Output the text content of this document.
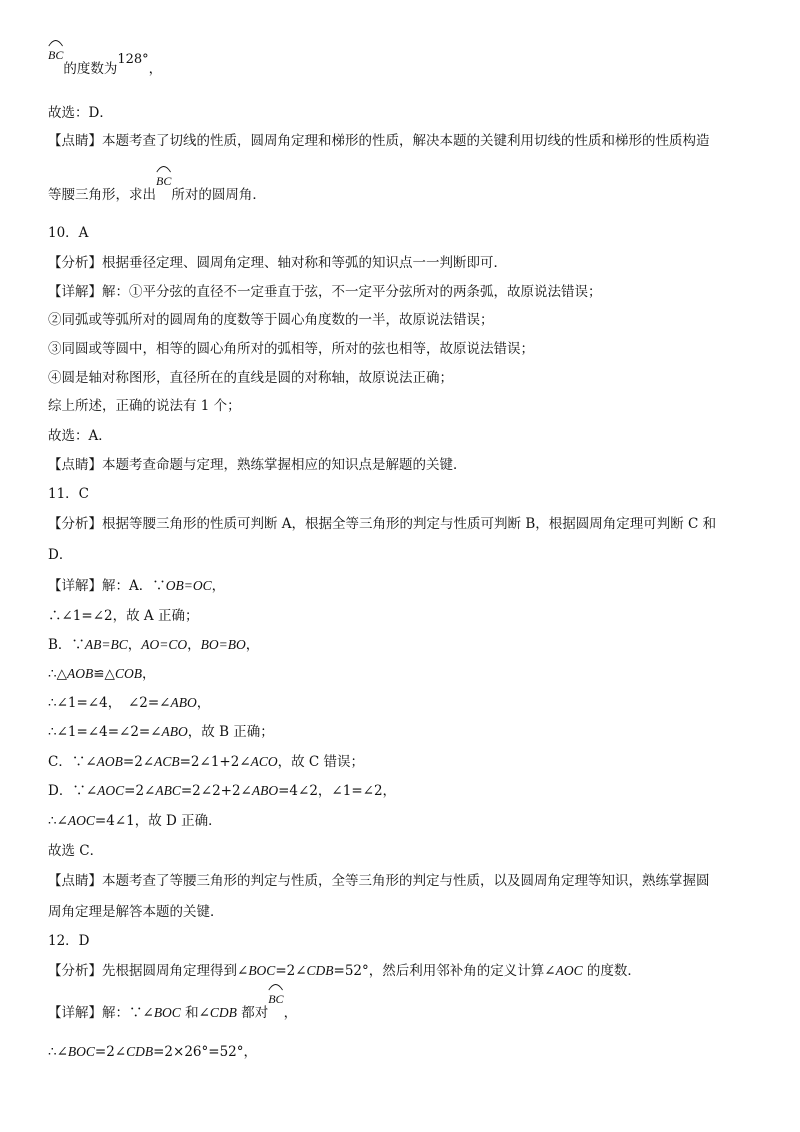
BC的度数为128°，
故选：D．
【点睛】本题考查了切线的性质，圆周角定理和梯形的性质，解决本题的关键利用切线的性质和梯形的性质构造
等腰三角形，求出
BC所对的圆周角．
10．A
【分析】根据垂径定理、圆周角定理、轴对称和等弧的知识点一一判断即可．
【详解】解：①平分弦的直径不一定垂直于弦，不一定平分弦所对的两条弧，故原说法错误；
②同弧或等弧所对的圆周角的度数等于圆心角度数的一半，故原说法错误；
③同圆或等圆中，相等的圆心角所对的弧相等，所对的弦也相等，故原说法错误；
④圆是轴对称图形，直径所在的直线是圆的对称轴，故原说法正确；
综上所述，正确的说法有 1 个；
故选：A．
【点睛】本题考查命题与定理，熟练掌握相应的知识点是解题的关键．
11．C
【分析】根据等腰三角形的性质可判断 A，根据全等三角形的判定与性质可判断 B，根据圆周角定理可判断 C 和
D．
【详解】解：A．∵OB=OC，
∴∠1=∠2，故 A 正确；
B．∵AB=BC，AO=CO，BO=BO，
∴△AOB≌△COB，
∴∠1=∠4，　∠2=∠ABO，
∴∠1=∠4=∠2=∠ABO，故 B 正确；
C．∵∠AOB=2∠ACB=2∠1+2∠ACO，故 C 错误；
D．∵∠AOC=2∠ABC=2∠2+2∠ABO=4∠2，∠1=∠2，
∴∠AOC=4∠1，故 D 正确．
故选 C．
【点睛】本题考查了等腰三角形的判定与性质，全等三角形的判定与性质，以及圆周角定理等知识，熟练掌握圆
周角定理是解答本题的关键．
12．D
【分析】先根据圆周角定理得到∠BOC=2∠CDB=52°，然后利用邻补角的定义计算∠AOC 的度数．
【详解】解：∵∠BOC 和∠CDB 都对
BC，
∴∠BOC=2∠CDB=2×26°=52°，
